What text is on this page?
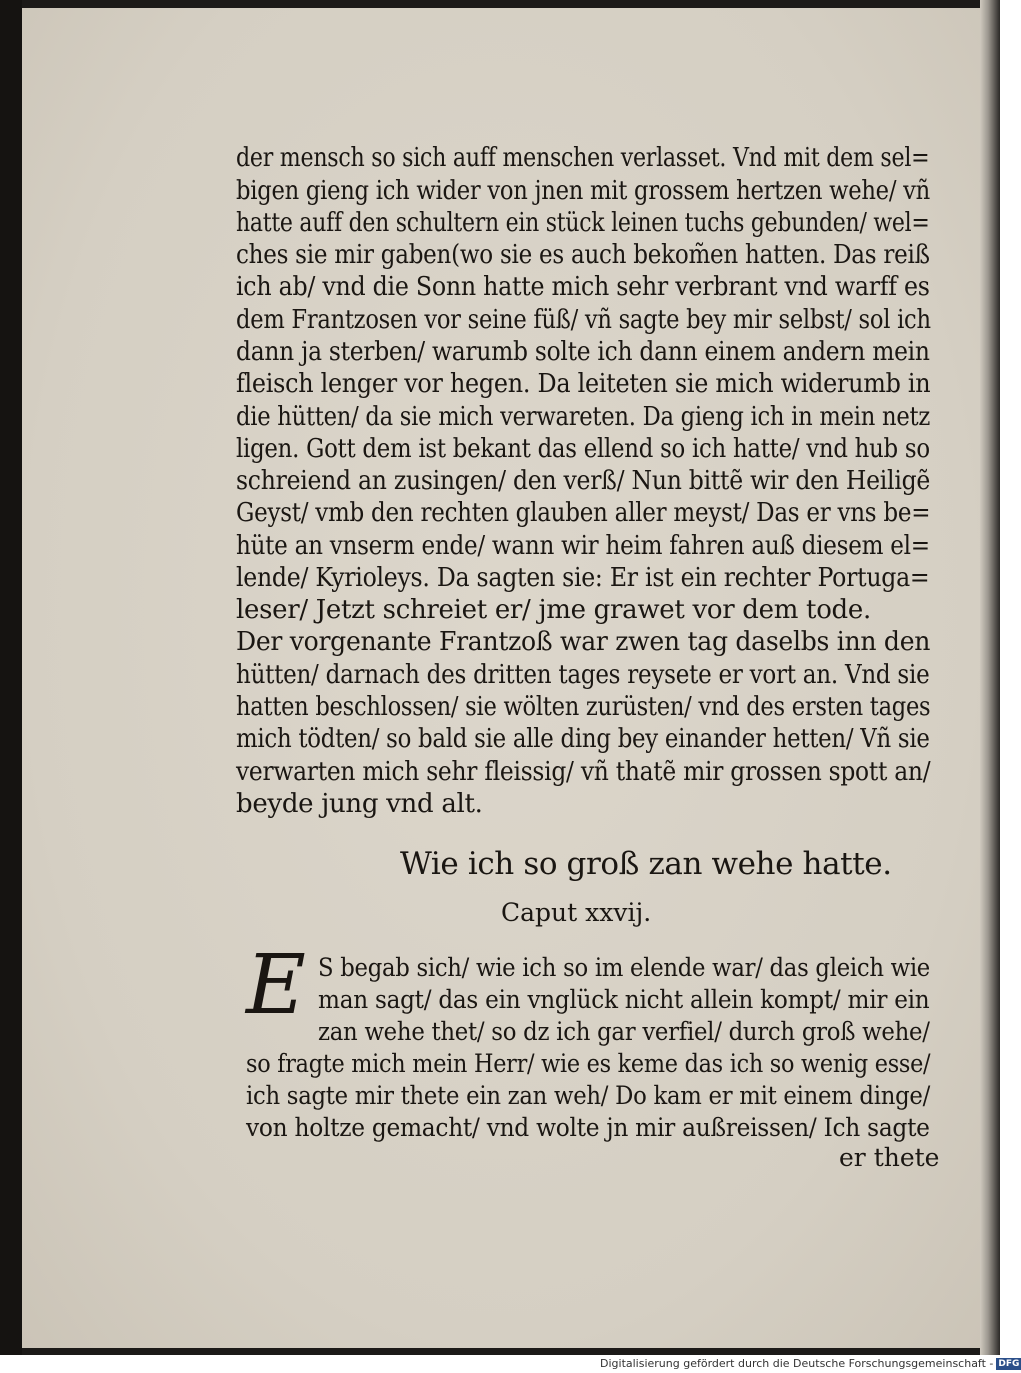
der mensch so sich auff menschen verlasset. Vnd mit dem sel=
bigen gieng ich wider von jnen mit grossem hertzen wehe/ vñ
hatte auff den schultern ein stück leinen tuchs gebunden/ wel=
ches sie mir gaben(wo sie es auch bekom̃en hatten. Das reiß
ich ab/ vnd die Sonn hatte mich sehr verbrant vnd warff es
dem Frantzosen vor seine füß/ vñ sagte bey mir selbst/ sol ich
dann ja sterben/ warumb solte ich dann einem andern mein
fleisch lenger vor hegen. Da leiteten sie mich widerumb in
die hütten/ da sie mich verwareten. Da gieng ich in mein netz
ligen. Gott dem ist bekant das ellend so ich hatte/ vnd hub so
schreiend an zusingen/ den verß/ Nun bittẽ wir den Heiligẽ
Geyst/ vmb den rechten glauben aller meyst/ Das er vns be=
hüte an vnserm ende/ wann wir heim fahren auß diesem el=
lende/ Kyrioleys. Da sagten sie: Er ist ein rechter Portuga=
leser/ Jetzt schreiet er/ jme grawet vor dem tode.
Der vorgenante Frantzoß war zwen tag daselbs inn den
hütten/ darnach des dritten tages reysete er vort an. Vnd sie
hatten beschlossen/ sie wölten zurüsten/ vnd des ersten tages
mich tödten/ so bald sie alle ding bey einander hetten/ Vñ sie
verwarten mich sehr fleissig/ vñ thatẽ mir grossen spott an/
beyde jung vnd alt.
Wie ich so groß zan wehe hatte.
Caput xxvij.
E S begab sich/ wie ich so im elende war/ das gleich wie
man sagt/ das ein vnglück nicht allein kompt/ mir ein
zan wehe thet/ so dz ich gar verfiel/ durch groß wehe/
so fragte mich mein Herr/ wie es keme das ich so wenig esse/
ich sagte mir thete ein zan weh/ Do kam er mit einem dinge/
von holtze gemacht/ vnd wolte jn mir außreissen/ Ich sagte
er thete
Digitalisierung gefördert durch die Deutsche Forschungsgemeinschaft - DFG
